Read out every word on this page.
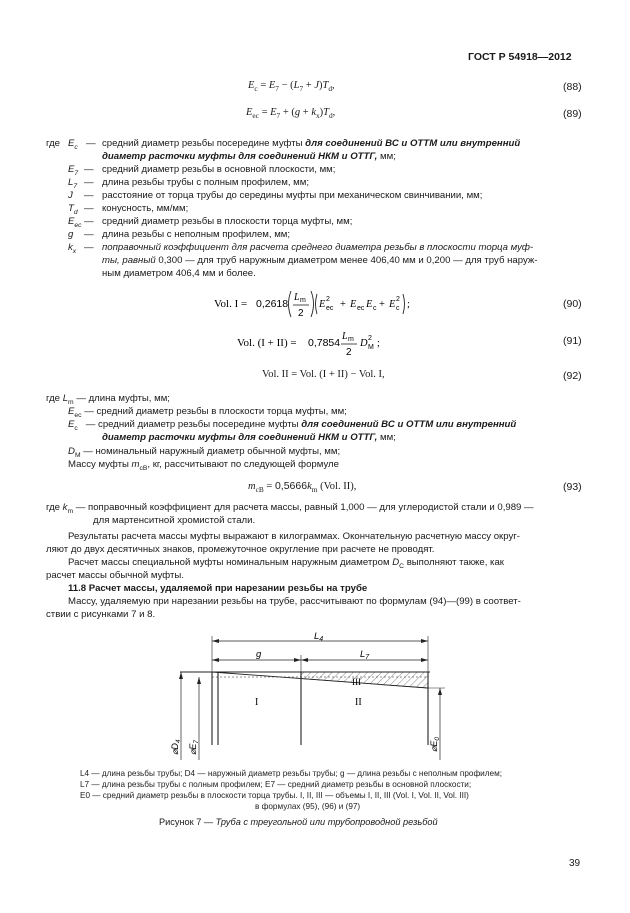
ГОСТ Р 54918—2012
$E_c = E_7 - (L_7 + J)T_d$,	(88)
$E_{ec} = E_7 + (g + k_x)T_d$,	(89)
где $E_c$ — средний диаметр резьбы посередине муфты для соединений ВС и ОТТМ или внутренний
диаметр расточки муфты для соединений НКМ и ОТТГ, мм;
$E_7$ — средний диаметр резьбы в основной плоскости, мм;
$L_7$ — длина резьбы трубы с полным профилем, мм;
J	— расстояние от торца трубы до середины муфты при механическом свинчивании, мм;
$T_d$ — конусность, мм/мм;
$E_{ec}$ — средний диаметр резьбы в плоскости торца муфты, мм;
g	— длина резьбы с неполным профилем, мм;
$k_x$ — поправочный коэффициент для расчета среднего диаметра резьбы в плоскости торца муф-
ты, равный 0,300 — для труб наружным диаметром менее 406,40 мм и 0,200 — для труб наруж-
ным диаметром 406,4 мм и более.
Vol. I = 0,2618
L m
2
E 2
ec + E ec E c + E 2
c ;	(90)
Vol. (I + II) = 0,7854
L m
2
D 2
M ;	(91)
Vol. II = Vol. (I + II) − Vol. I,	(92)
где $L_m$ — длина муфты, мм;
$E_{ec}$ — средний диаметр резьбы в плоскости торца муфты, мм;
$E_c$ — средний диаметр резьбы посередине муфты для соединений ВС и ОТТМ или внутренний
диаметр расточки муфты для соединений НКМ и ОТТГ, мм;
$D_M$ — номинальный наружный диаметр обычной муфты, мм;
Массу муфты $m_{cB}$, кг, рассчитывают по следующей формуле
$m_{cB} = 0,5666k_m$ (Vol. II),	(93)
где $k_m$ — поправочный коэффициент для расчета массы, равный 1,000 — для углеродистой стали и 0,989 —
для мартенситной хромистой стали.
Результаты расчета массы муфты выражают в килограммах. Окончательную расчетную массу округ-
ляют до двух десятичных знаков, промежуточное округление при расчете не проводят.
Расчет массы специальной муфты номинальным наружным диаметром $D_C$ выполняют также, как
расчет массы обычной муфты.
11.8 Расчет массы, удаляемой при нарезании резьбы на трубе
Массу, удаляемую при нарезании резьбы на трубе, рассчитывают по формулам (94)—(99) в соответ-
ствии с рисунками 7 и 8.
$L_4$
g	$L_7$
I	II
III
$⌀D_4$
$⌀E_7$	$⌀E_0$
L4 — длина резьбы трубы; D4 — наружный диаметр резьбы трубы; g — длина резьбы с неполным профилем;
L7 — длина резьбы трубы с полным профилем; E7 — средний диаметр резьбы в основной плоскости;
E0 — средний диаметр резьбы в плоскости торца трубы. I, II, III — объемы I, II, III (Vol. I, Vol. II, Vol. III)
в формулах (95), (96) и (97)
Рисунок 7 — Труба с треугольной или трубопроводной резьбой
39
